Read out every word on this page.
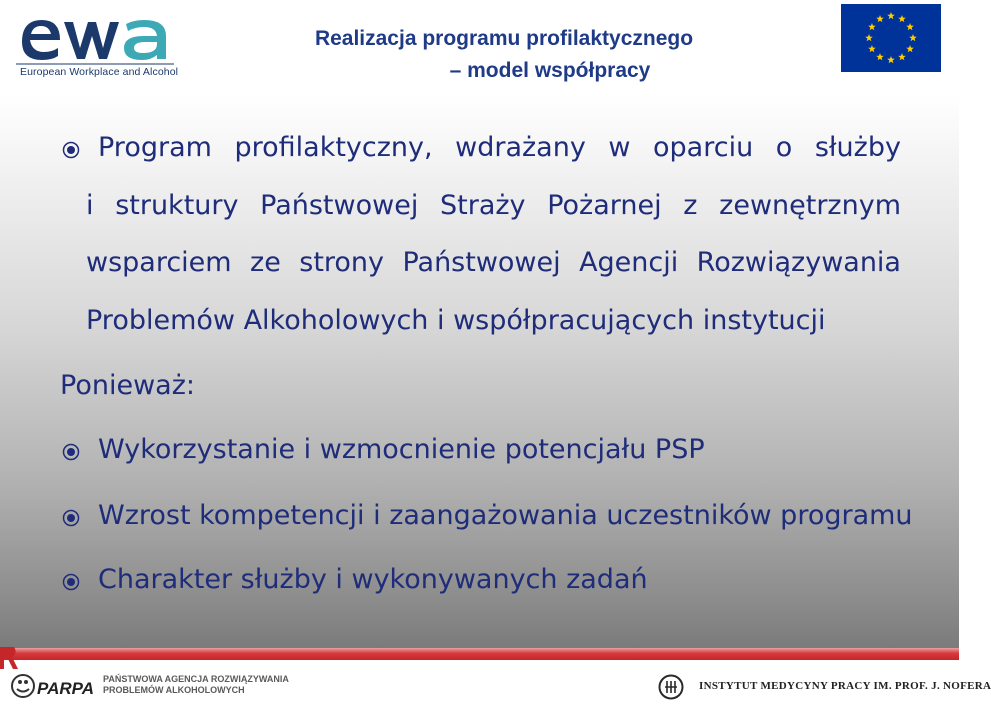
European Workplace and Alcohol
Realizacja programu profilaktycznego
– model współpracy
Program profilaktyczny, wdrażany w oparciu o służby
i struktury Państwowej Straży Pożarnej z zewnętrznym
wsparciem ze strony Państwowej Agencji Rozwiązywania
Problemów Alkoholowych i współpracujących instytucji
Ponieważ:
Wykorzystanie i wzmocnienie potencjału PSP
Wzrost kompetencji i zaangażowania uczestników programu
Charakter służby i wykonywanych zadań
PARPA PAŃSTWOWA AGENCJA ROZWIĄZYWANIA
PROBLEMÓW ALKOHOLOWYCH	INSTYTUT MEDYCYNY PRACY IM. PROF. J. NOFERA
